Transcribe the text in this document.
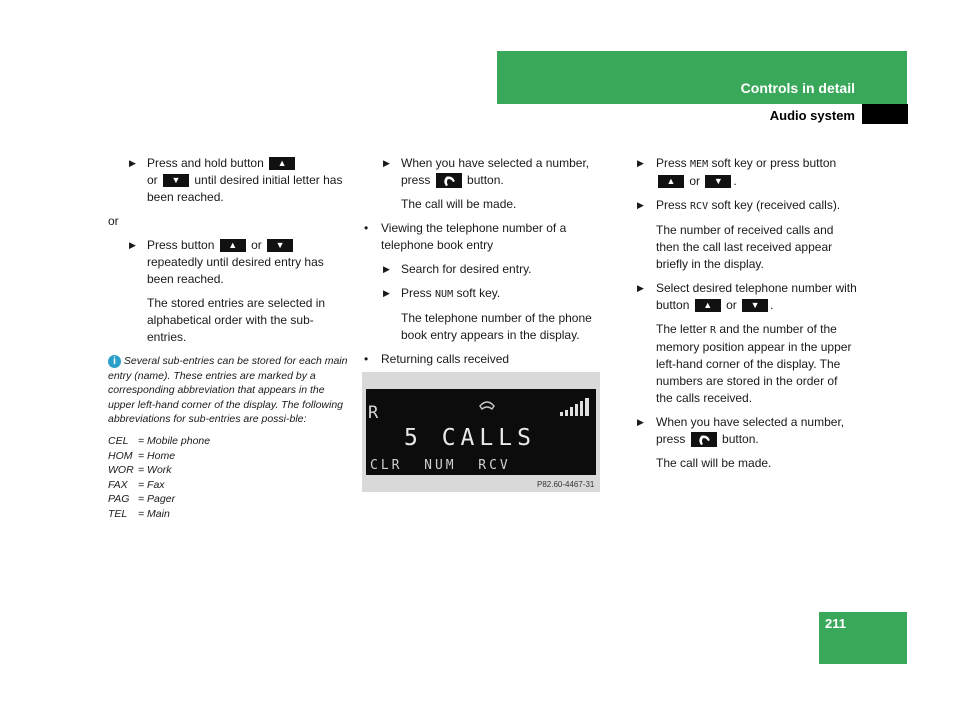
Controls in detail
Audio system
▶ Press and hold button ▲
or ▼ until desired initial letter has been reached.
or
▶ Press button ▲ or ▼ repeatedly until desired entry has been reached.
The stored entries are selected in alphabetical order with the sub-entries.
i Several sub-entries can be stored for each main entry (name). These entries are marked by a corresponding abbreviation that appears in the upper left-hand corner of the display. The following abbreviations for sub-entries are possi-ble:
CEL = Mobile phone
HOM = Home
WOR = Work
FAX = Fax
PAG = Pager
TEL = Main
▶ When you have selected a number, press	button.
The call will be made.
• Viewing the telephone number of a telephone book entry
▶ Search for desired entry.
▶ Press NUM soft key.
The telephone number of the phone book entry appears in the display.
• Returning calls received
R
5 CALLS
CLR  NUM  RCV
P82.60-4467-31
▶ Press MEM soft key or press button ▲ or ▼ .
▶ Press RCV soft key (received calls).
The number of received calls and then the call last received appear briefly in the display.
▶ Select desired telephone number with button ▲ or ▼ .
The letter R and the number of the memory position appear in the upper left-hand corner of the display. The numbers are stored in the order of the calls received.
▶ When you have selected a number, press	button.
The call will be made.
211
